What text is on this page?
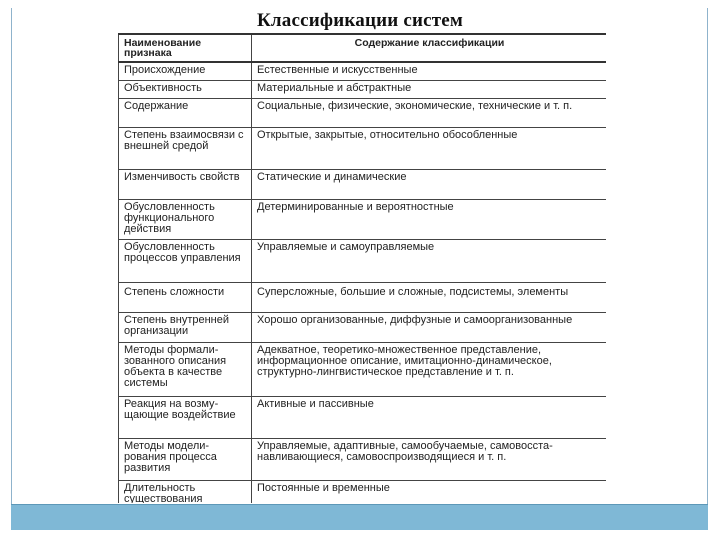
Классификации систем
Наименование признака	Содержание классификации
Происхождение	Естественные и искусственные
Объективность	Материальные и абстрактные
Содержание	Социальные, физические, экономические, технические и т. п.
Степень взаимосвязи с внешней средой	Открытые, закрытые, относительно обособленные
Изменчивость свойств	Статические и динамические
Обусловленность функционального действия	Детерминированные и вероятностные
Обусловленность процессов управления	Управляемые и самоуправляемые
Степень сложности	Суперсложные, большие и сложные, подсистемы, элементы
Степень внутренней организации	Хорошо организованные, диффузные и самоорганизованные
Методы формализованного описания объекта в качестве системы	Адекватное, теоретико-множественное представление, информационное описание, имитационно-динамическое, структурно-лингвистическое представление и т. п.
Реакция на возмущающие воздействие	Активные и пассивные
Методы моделирования процесса развития	Управляемые, адаптивные, самообучаемые, самовосстанавливающиеся, самовоспроизводящиеся и т. п.
Длительность существования	Постоянные и временные
